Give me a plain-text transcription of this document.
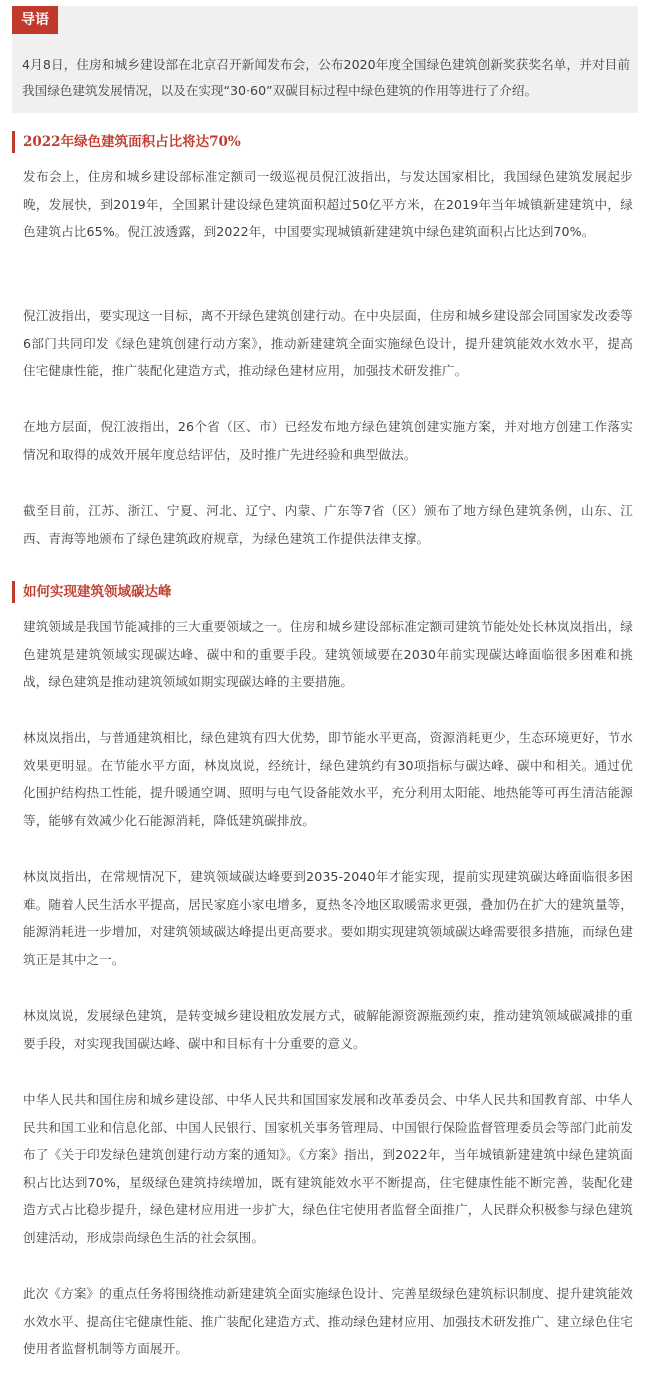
导语

4月8日，住房和城乡建设部在北京召开新闻发布会，公布2020年度全国绿色建筑创新奖获奖名单，并对目前我国绿色建筑发展情况，以及在实现“30·60”双碳目标过程中绿色建筑的作用等进行了介绍。

2022年绿色建筑面积占比将达70%

发布会上，住房和城乡建设部标准定额司一级巡视员倪江波指出，与发达国家相比，我国绿色建筑发展起步晚，发展快，到2019年，全国累计建设绿色建筑面积超过50亿平方米，在2019年当年城镇新建建筑中，绿色建筑占比65%。倪江波透露，到2022年，中国要实现城镇新建建筑中绿色建筑面积占比达到70%。

倪江波指出，要实现这一目标，离不开绿色建筑创建行动。在中央层面，住房和城乡建设部会同国家发改委等6部门共同印发《绿色建筑创建行动方案》，推动新建建筑全面实施绿色设计，提升建筑能效水效水平，提高住宅健康性能，推广装配化建造方式，推动绿色建材应用，加强技术研发推广。

在地方层面，倪江波指出，26个省（区、市）已经发布地方绿色建筑创建实施方案，并对地方创建工作落实情况和取得的成效开展年度总结评估，及时推广先进经验和典型做法。

截至目前，江苏、浙江、宁夏、河北、辽宁、内蒙、广东等7省（区）颁布了地方绿色建筑条例，山东、江西、青海等地颁布了绿色建筑政府规章，为绿色建筑工作提供法律支撑。

如何实现建筑领域碳达峰

建筑领域是我国节能减排的三大重要领域之一。住房和城乡建设部标准定额司建筑节能处处长林岚岚指出，绿色建筑是建筑领域实现碳达峰、碳中和的重要手段。建筑领域要在2030年前实现碳达峰面临很多困难和挑战，绿色建筑是推动建筑领域如期实现碳达峰的主要措施。

林岚岚指出，与普通建筑相比，绿色建筑有四大优势，即节能水平更高，资源消耗更少，生态环境更好，节水效果更明显。在节能水平方面，林岚岚说，经统计，绿色建筑约有30项指标与碳达峰、碳中和相关。通过优化围护结构热工性能，提升暖通空调、照明与电气设备能效水平，充分利用太阳能、地热能等可再生清洁能源等，能够有效减少化石能源消耗，降低建筑碳排放。

林岚岚指出，在常规情况下，建筑领域碳达峰要到2035-2040年才能实现，提前实现建筑碳达峰面临很多困难。随着人民生活水平提高，居民家庭小家电增多，夏热冬冷地区取暖需求更强，叠加仍在扩大的建筑量等，能源消耗进一步增加，对建筑领域碳达峰提出更高要求。要如期实现建筑领域碳达峰需要很多措施，而绿色建筑正是其中之一。

林岚岚说，发展绿色建筑，是转变城乡建设粗放发展方式，破解能源资源瓶颈约束，推动建筑领域碳减排的重要手段，对实现我国碳达峰、碳中和目标有十分重要的意义。

中华人民共和国住房和城乡建设部、中华人民共和国国家发展和改革委员会、中华人民共和国教育部、中华人民共和国工业和信息化部、中国人民银行、国家机关事务管理局、中国银行保险监督管理委员会等部门此前发布了《关于印发绿色建筑创建行动方案的通知》。《方案》指出，到2022年，当年城镇新建建筑中绿色建筑面积占比达到70%，星级绿色建筑持续增加，既有建筑能效水平不断提高，住宅健康性能不断完善，装配化建造方式占比稳步提升，绿色建材应用进一步扩大，绿色住宅使用者监督全面推广，人民群众积极参与绿色建筑创建活动，形成崇尚绿色生活的社会氛围。

此次《方案》的重点任务将围绕推动新建建筑全面实施绿色设计、完善星级绿色建筑标识制度、提升建筑能效水效水平、提高住宅健康性能、推广装配化建造方式、推动绿色建材应用、加强技术研发推广、建立绿色住宅使用者监督机制等方面展开。
